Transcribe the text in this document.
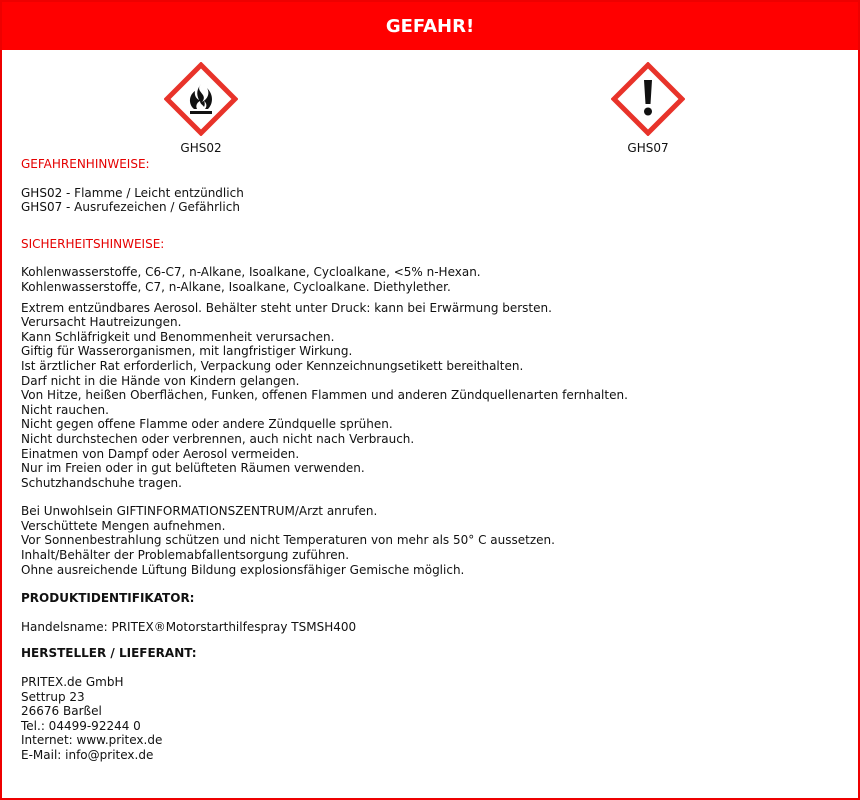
GEFAHR!
GHS02	GHS07
GEFAHRENHINWEISE:
GHS02 - Flamme / Leicht entzündlich
GHS07 - Ausrufezeichen / Gefährlich
SICHERHEITSHINWEISE:
Kohlenwasserstoffe, C6-C7, n-Alkane, Isoalkane, Cycloalkane, <5% n-Hexan.
Kohlenwasserstoffe, C7, n-Alkane, Isoalkane, Cycloalkane. Diethylether.
Extrem entzündbares Aerosol. Behälter steht unter Druck: kann bei Erwärmung bersten.
Verursacht Hautreizungen.
Kann Schläfrigkeit und Benommenheit verursachen.
Giftig für Wasserorganismen, mit langfristiger Wirkung.
Ist ärztlicher Rat erforderlich, Verpackung oder Kennzeichnungsetikett bereithalten.
Darf nicht in die Hände von Kindern gelangen.
Von Hitze, heißen Oberflächen, Funken, offenen Flammen und anderen Zündquellenarten fernhalten.
Nicht rauchen.
Nicht gegen offene Flamme oder andere Zündquelle sprühen.
Nicht durchstechen oder verbrennen, auch nicht nach Verbrauch.
Einatmen von Dampf oder Aerosol vermeiden.
Nur im Freien oder in gut belüfteten Räumen verwenden.
Schutzhandschuhe tragen.
Bei Unwohlsein GIFTINFORMATIONSZENTRUM/Arzt anrufen.
Verschüttete Mengen aufnehmen.
Vor Sonnenbestrahlung schützen und nicht Temperaturen von mehr als 50° C aussetzen.
Inhalt/Behälter der Problemabfallentsorgung zuführen.
Ohne ausreichende Lüftung Bildung explosionsfähiger Gemische möglich.
PRODUKTIDENTIFIKATOR:
Handelsname: PRITEX®Motorstarthilfespray TSMSH400
HERSTELLER / LIEFERANT:
PRITEX.de GmbH
Settrup 23
26676 Barßel
Tel.: 04499-92244 0
Internet: www.pritex.de
E-Mail: info@pritex.de
